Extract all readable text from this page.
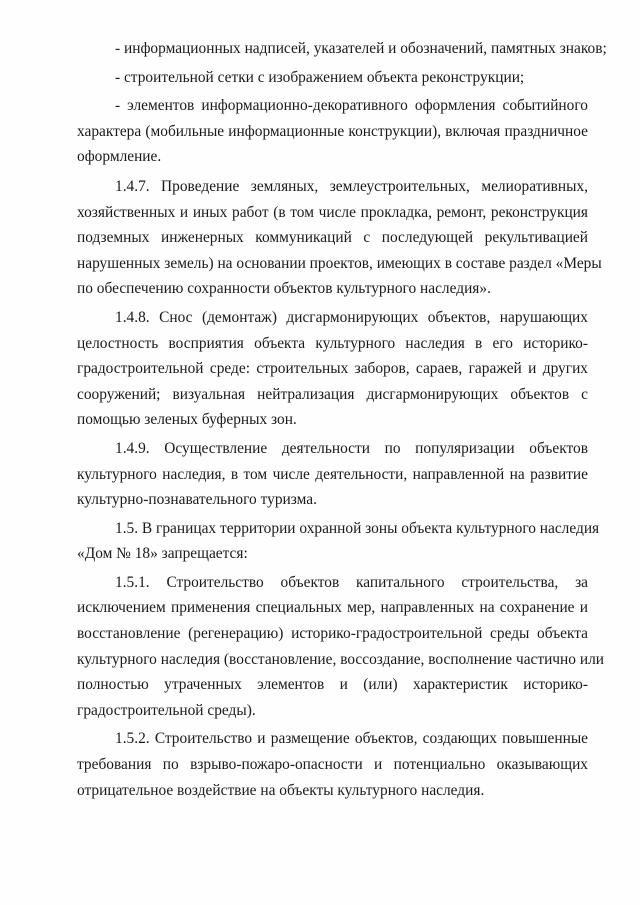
- информационных надписей, указателей и обозначений, памятных знаков;

- строительной сетки с изображением объекта реконструкции;

- элементов информационно-декоративного оформления событийного
характера (мобильные информационные конструкции), включая праздничное
оформление.

1.4.7. Проведение земляных, землеустроительных, мелиоративных,
хозяйственных и иных работ (в том числе прокладка, ремонт, реконструкция
подземных инженерных коммуникаций с последующей рекультивацией
нарушенных земель) на основании проектов, имеющих в составе раздел «Меры
по обеспечению сохранности объектов культурного наследия».

1.4.8. Снос (демонтаж) дисгармонирующих объектов, нарушающих
целостность восприятия объекта культурного наследия в его историко-
градостроительной среде: строительных заборов, сараев, гаражей и других
сооружений; визуальная нейтрализация дисгармонирующих объектов с
помощью зеленых буферных зон.

1.4.9. Осуществление деятельности по популяризации объектов
культурного наследия, в том числе деятельности, направленной на развитие
культурно-познавательного туризма.

1.5. В границах территории охранной зоны объекта культурного наследия
«Дом № 18» запрещается:

1.5.1. Строительство объектов капитального строительства, за
исключением применения специальных мер, направленных на сохранение и
восстановление (регенерацию) историко-градостроительной среды объекта
культурного наследия (восстановление, воссоздание, восполнение частично или
полностью утраченных элементов и (или) характеристик историко-
градостроительной среды).

1.5.2. Строительство и размещение объектов, создающих повышенные
требования по взрыво-пожаро-опасности и потенциально оказывающих
отрицательное воздействие на объекты культурного наследия.
